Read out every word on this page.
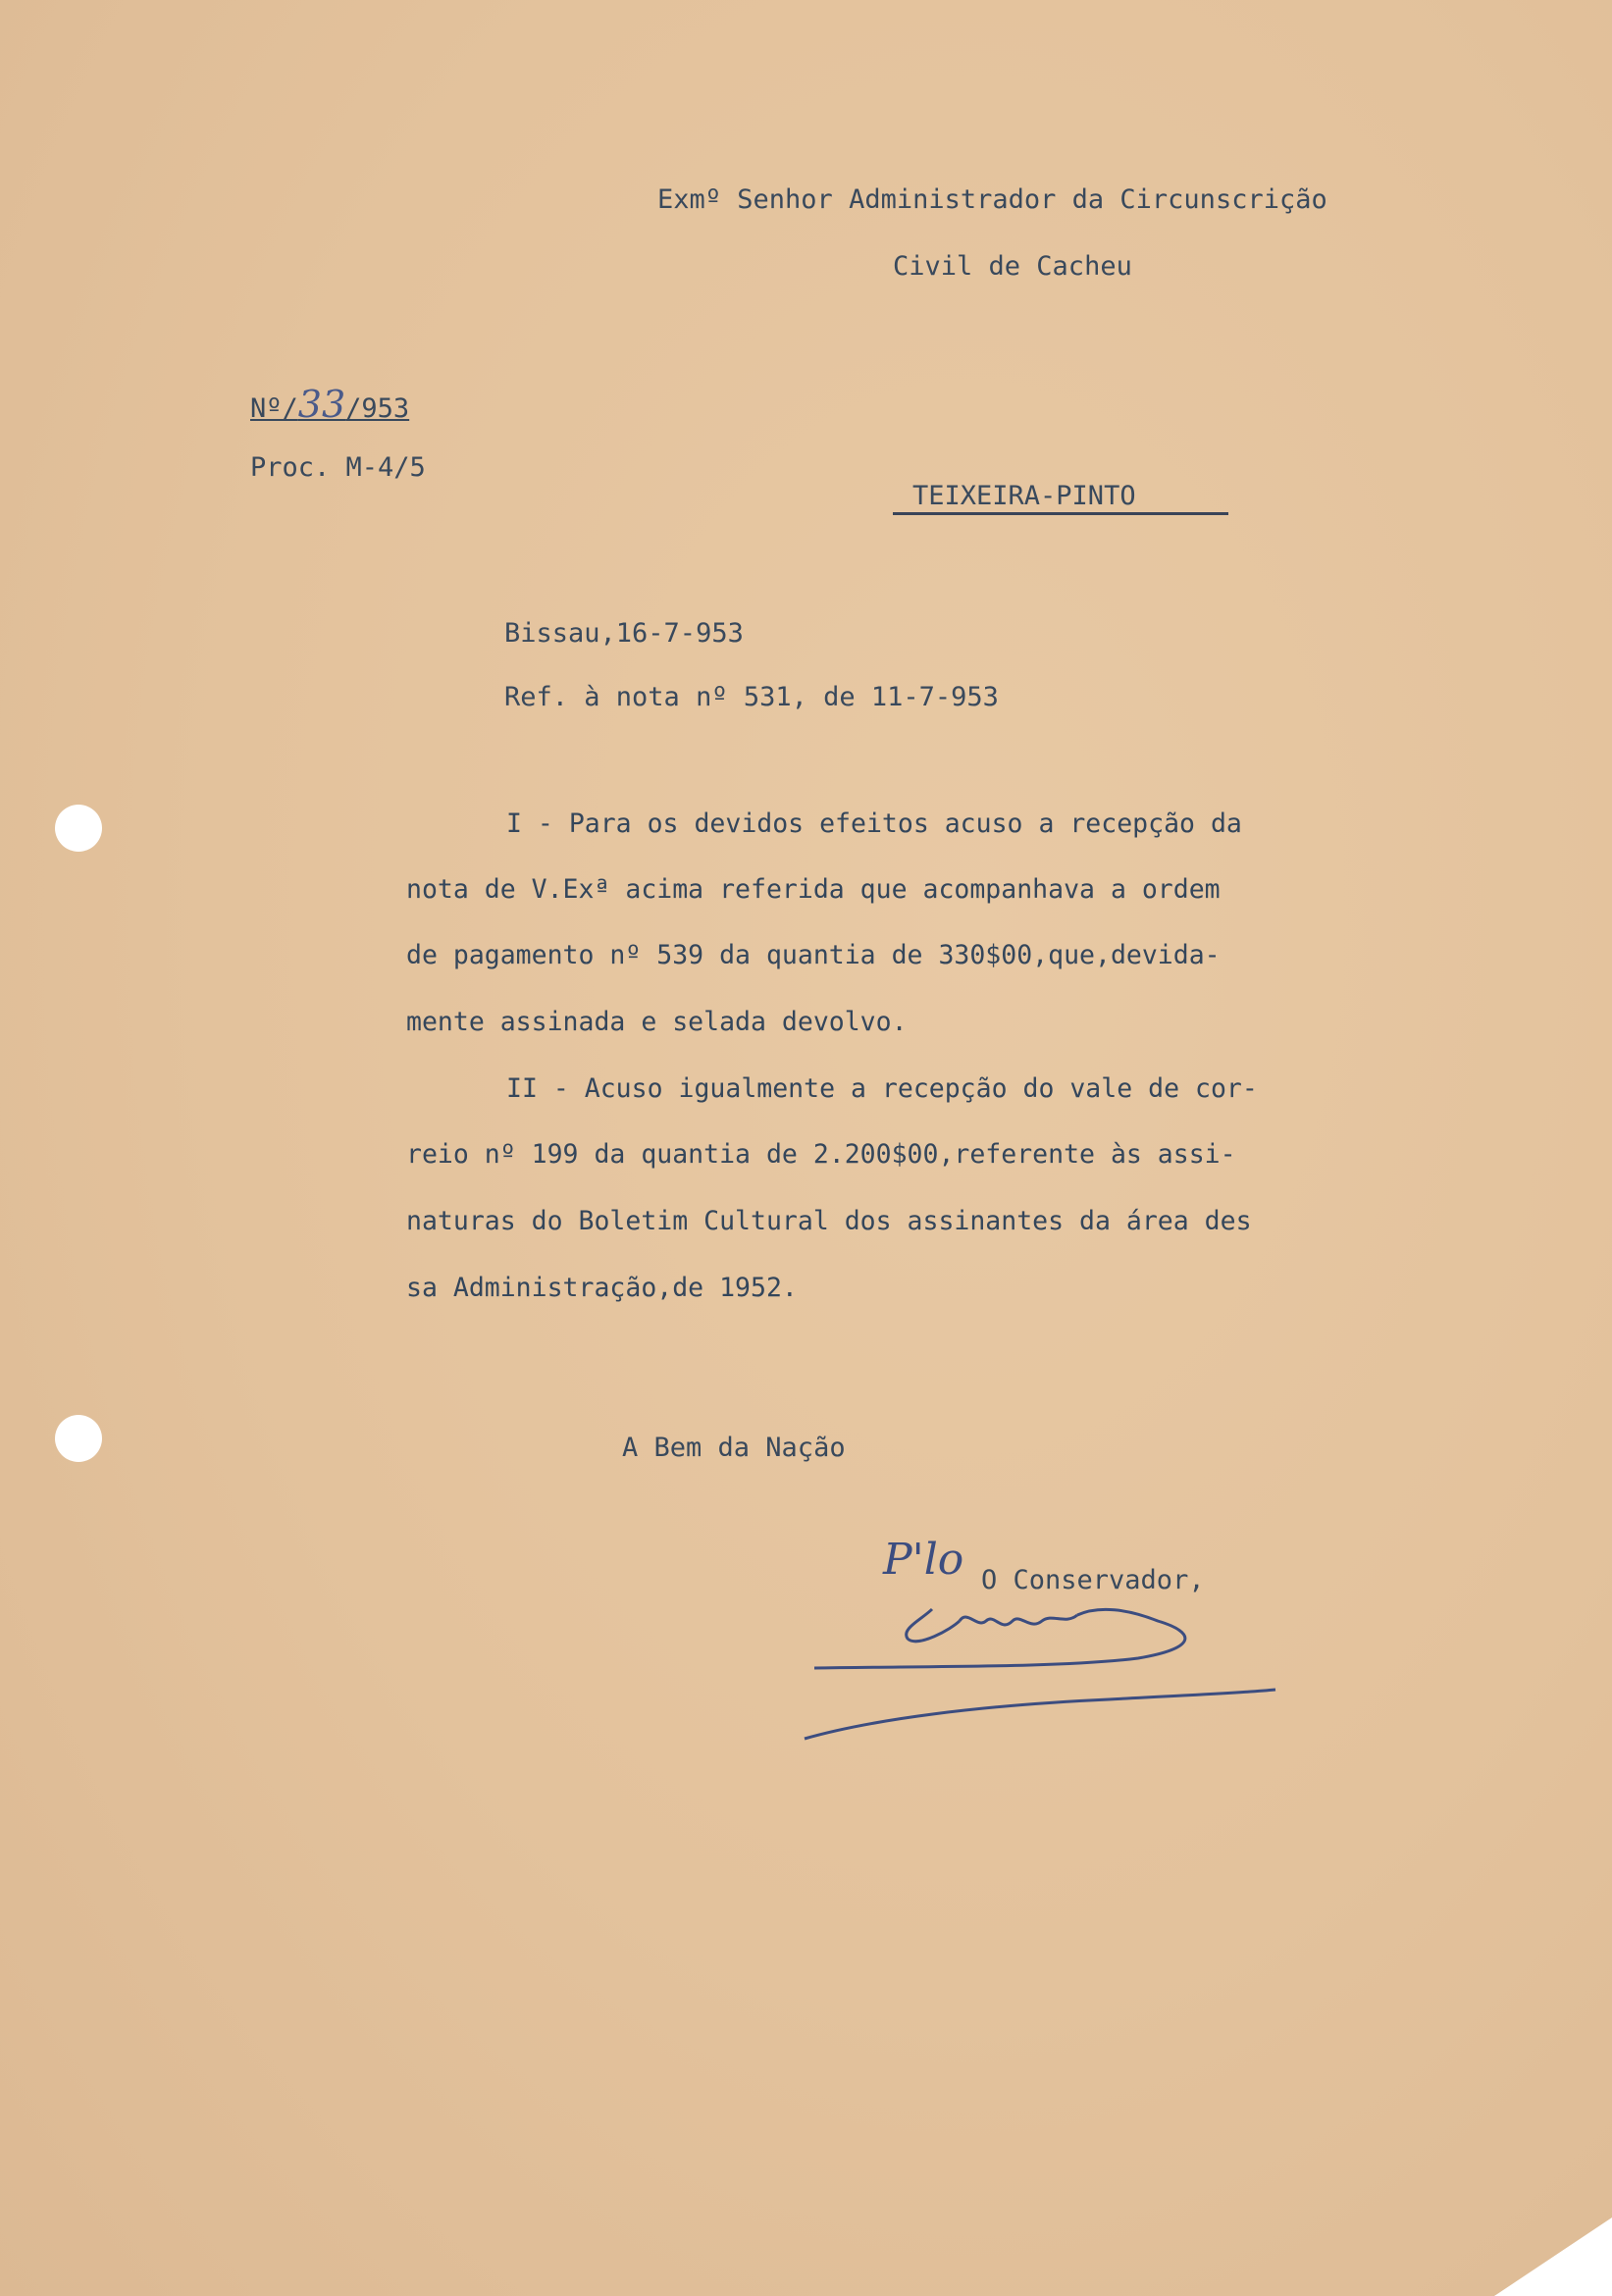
Exmº Senhor Administrador da Circunscrição
Civil de Cacheu
Nº/33/953
Proc. M-4/5
TEIXEIRA-PINTO
Bissau,16-7-953
Ref. à nota nº 531, de 11-7-953
I - Para os devidos efeitos acuso a recepção da
nota de V.Exª acima referida que acompanhava a ordem
de pagamento nº 539 da quantia de 330$00,que,devida-
mente assinada e selada devolvo.
II - Acuso igualmente a recepção do vale de cor-
reio nº 199 da quantia de 2.200$00,referente às assi-
naturas do Boletim Cultural dos assinantes da área des
sa Administração,de 1952.
A Bem da Nação
O Conservador,
P'lo
